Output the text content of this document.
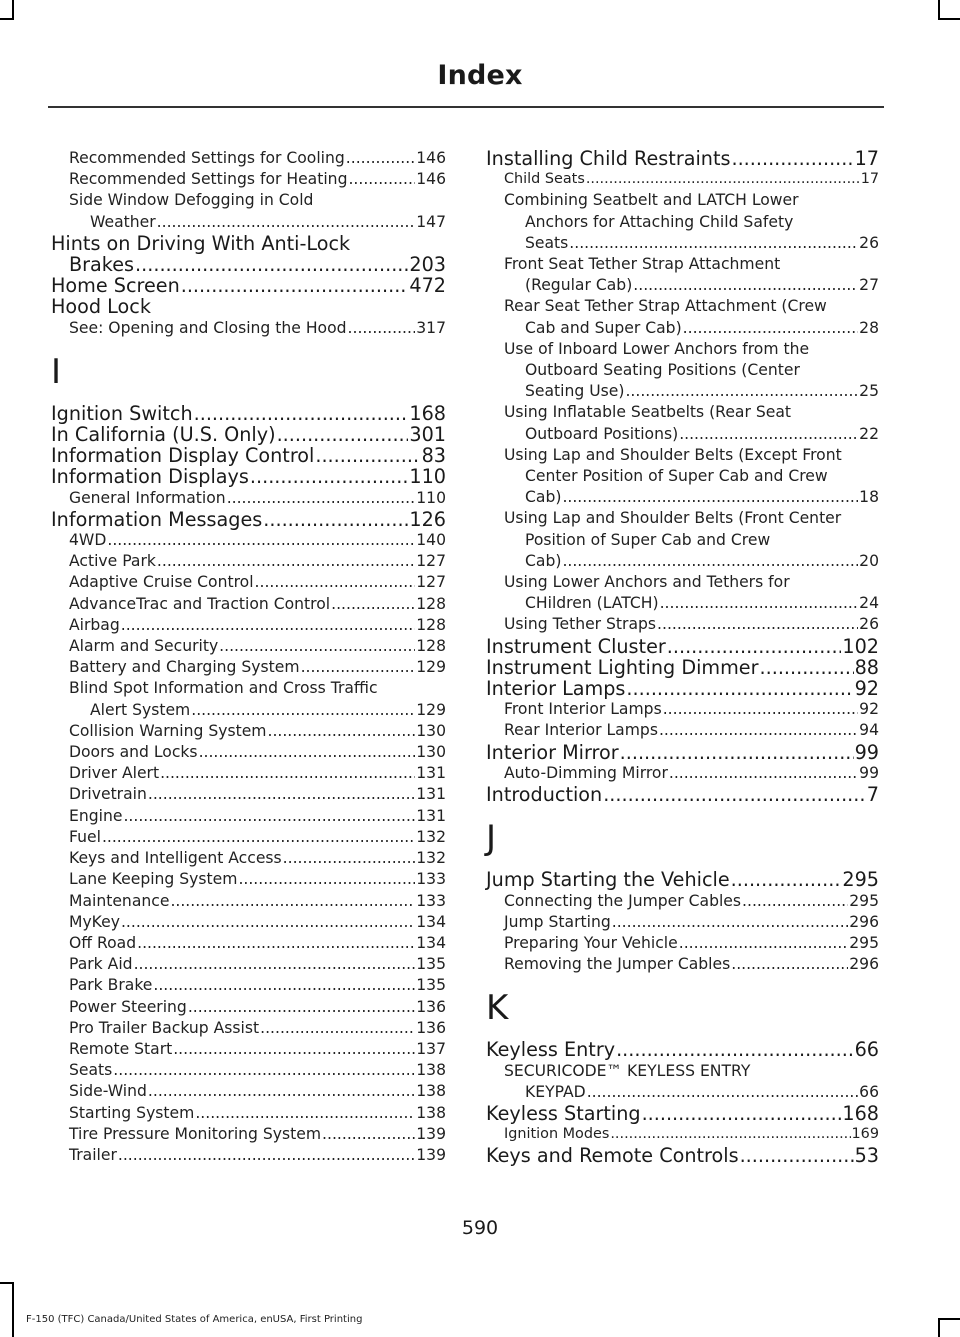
Index
Recommended Settings for Cooling .....	146
Recommended Settings for Heating .....	146
Side Window Defogging in Cold
Weather .....	147
Hints on Driving With Anti-Lock
Brakes .....	203
Home Screen .....	472
Hood Lock
See: Opening and Closing the Hood .....	317
I
Ignition Switch .....	168
In California (U.S. Only) .....	301
Information Display Control .....	83
Information Displays .....	110
General Information .....	110
Information Messages .....	126
4WD .....	140
Active Park .....	127
Adaptive Cruise Control .....	127
AdvanceTrac and Traction Control .....	128
Airbag .....	128
Alarm and Security .....	128
Battery and Charging System .....	129
Blind Spot Information and Cross Traffic
Alert System .....	129
Collision Warning System .....	130
Doors and Locks .....	130
Driver Alert .....	131
Drivetrain .....	131
Engine .....	131
Fuel .....	132
Keys and Intelligent Access .....	132
Lane Keeping System .....	133
Maintenance .....	133
MyKey .....	134
Off Road .....	134
Park Aid .....	135
Park Brake .....	135
Power Steering .....	136
Pro Trailer Backup Assist .....	136
Remote Start .....	137
Seats .....	138
Side-Wind .....	138
Starting System .....	138
Tire Pressure Monitoring System .....	139
Trailer .....	139
Installing Child Restraints .....	17
Child Seats .....	17
Combining Seatbelt and LATCH Lower
Anchors for Attaching Child Safety
Seats .....	26
Front Seat Tether Strap Attachment
(Regular Cab) .....	27
Rear Seat Tether Strap Attachment (Crew
Cab and Super Cab) .....	28
Use of Inboard Lower Anchors from the
Outboard Seating Positions (Center
Seating Use) .....	25
Using Inflatable Seatbelts (Rear Seat
Outboard Positions) .....	22
Using Lap and Shoulder Belts (Except Front
Center Position of Super Cab and Crew
Cab) .....	18
Using Lap and Shoulder Belts (Front Center
Position of Super Cab and Crew
Cab) .....	20
Using Lower Anchors and Tethers for
CHildren (LATCH) .....	24
Using Tether Straps .....	26
Instrument Cluster .....	102
Instrument Lighting Dimmer .....	88
Interior Lamps .....	92
Front Interior Lamps .....	92
Rear Interior Lamps .....	94
Interior Mirror .....	99
Auto-Dimming Mirror .....	99
Introduction .....	7
J
Jump Starting the Vehicle .....	295
Connecting the Jumper Cables .....	295
Jump Starting .....	296
Preparing Your Vehicle .....	295
Removing the Jumper Cables .....	296
K
Keyless Entry .....	66
SECURICODE™ KEYLESS ENTRY
KEYPAD .....	66
Keyless Starting .....	168
Ignition Modes .....	169
Keys and Remote Controls .....	53
590
F-150 (TFC) Canada/United States of America, enUSA, First Printing
